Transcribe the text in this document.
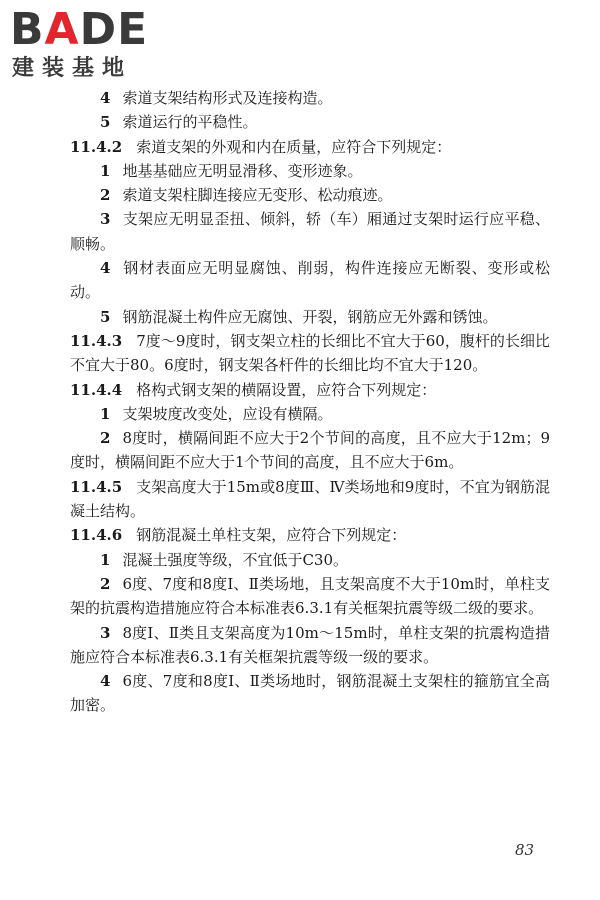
BADE
建装基地

4 索道支架结构形式及连接构造。

5 索道运行的平稳性。

11.4.2 索道支架的外观和内在质量，应符合下列规定：

1 地基基础应无明显滑移、变形迹象。

2 索道支架柱脚连接应无变形、松动痕迹。

3 支架应无明显歪扭、倾斜，轿（车）厢通过支架时运行应平稳、顺畅。

4 钢材表面应无明显腐蚀、削弱，构件连接应无断裂、变形或松动。

5 钢筋混凝土构件应无腐蚀、开裂，钢筋应无外露和锈蚀。

11.4.3 7度～9度时，钢支架立柱的长细比不宜大于60，腹杆的长细比不宜大于80。6度时，钢支架各杆件的长细比均不宜大于120。

11.4.4 格构式钢支架的横隔设置，应符合下列规定：

1 支架坡度改变处，应设有横隔。

2 8度时，横隔间距不应大于2个节间的高度，且不应大于12m；9度时，横隔间距不应大于1个节间的高度，且不应大于6m。

11.4.5 支架高度大于15m或8度Ⅲ、Ⅳ类场地和9度时，不宜为钢筋混凝土结构。

11.4.6 钢筋混凝土单柱支架，应符合下列规定：

1 混凝土强度等级，不宜低于C30。

2 6度、7度和8度Ⅰ、Ⅱ类场地，且支架高度不大于10m时，单柱支架的抗震构造措施应符合本标准表6.3.1有关框架抗震等级二级的要求。

3 8度Ⅰ、Ⅱ类且支架高度为10m～15m时，单柱支架的抗震构造措施应符合本标准表6.3.1有关框架抗震等级一级的要求。

4 6度、7度和8度Ⅰ、Ⅱ类场地时，钢筋混凝土支架柱的箍筋宜全高加密。

83
